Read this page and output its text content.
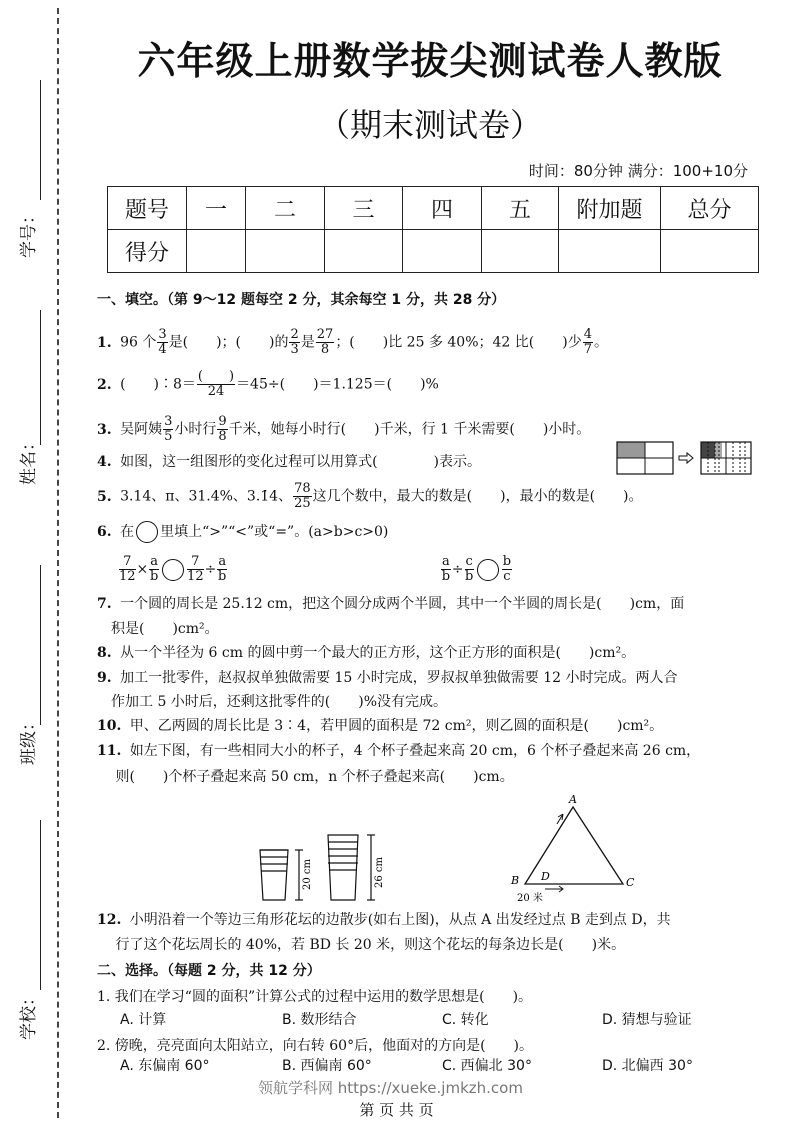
学号：
姓名：
班级：
学校：
六年级上册数学拔尖测试卷人教版
（期末测试卷）
时间：80分钟 满分：100+10分
题号	一	二	三	四	五	附加题	总分
得分							
一、填空。（第 9～12 题每空 2 分，其余每空 1 分，共 28 分）
1. 96 个 $\frac{3}{4}$ 是(　　)；(　　)的 $\frac{2}{3}$ 是 $\frac{27}{8}$ ；(　　)比 25 多 40%；42 比(　　)少 $\frac{4}{7}$ 。
2. (　　)∶8＝ $\frac{( )}{24} =45\div$(　　)＝1.125＝(　　)%
3. 吴阿姨 $\frac{3}{5}$ 小时行 $\frac{9}{8}$ 千米，她每小时行(　　)千米，行 1 千米需要(　　)小时。
4. 如图，这一组图形的变化过程可以用算式(　　　　)表示。
5. 3.14、π、31.4%、3.1̇4̇、 $\frac{78}{25}$ 这几个数中，最大的数是(　　)，最小的数是(　　)。
6. 在 里填上“>”“<”或“=”。(a>b>c>0)
7. 一个圆的周长是 25.12 cm，把这个圆分成两个半圆，其中一个半圆的周长是(　　)cm，面
　积是(　　)cm²。
8. 从一个半径为 6 cm 的圆中剪一个最大的正方形，这个正方形的面积是(　　)cm²。
9. 加工一批零件，赵叔叔单独做需要 15 小时完成，罗叔叔单独做需要 12 小时完成。两人合
　作加工 5 小时后，还剩这批零件的(　　)%没有完成。
10. 甲、乙两圆的周长比是 3∶4，若甲圆的面积是 72 cm²，则乙圆的面积是(　　)cm²。
11. 如左下图，有一些相同大小的杯子，4 个杯子叠起来高 20 cm，6 个杯子叠起来高 26 cm，
　 则(　　)个杯子叠起来高 50 cm，n 个杯子叠起来高(　　)cm。
12. 小明沿着一个等边三角形花坛的边散步(如右上图)，从点 A 出发经过点 B 走到点 D，共
　 行了这个花坛周长的 40%，若 BD 长 20 米，则这个花坛的每条边长是(　　)米。
$\frac{7}{12} \times \frac{a}{b} \frac{7}{12} \div \frac{a}{b}$	$\frac{a}{b} \div \frac{c}{b} \frac{b}{c}$
20 cm	26 cm
A
B	C
D
20 米
二、选择。（每题 2 分，共 12 分）
1. 我们在学习“圆的面积”计算公式的过程中运用的数学思想是(　　)。
A. 计算	B. 数形结合	C. 转化	D. 猜想与验证
2. 傍晚，亮亮面向太阳站立，向右转 60°后，他面对的方向是(　　)。
A. 东偏南 60°	B. 西偏南 60°	C. 西偏北 30°	D. 北偏西 30°
领航学科网 https://xueke.jmkzh.com
第 页 共 页
